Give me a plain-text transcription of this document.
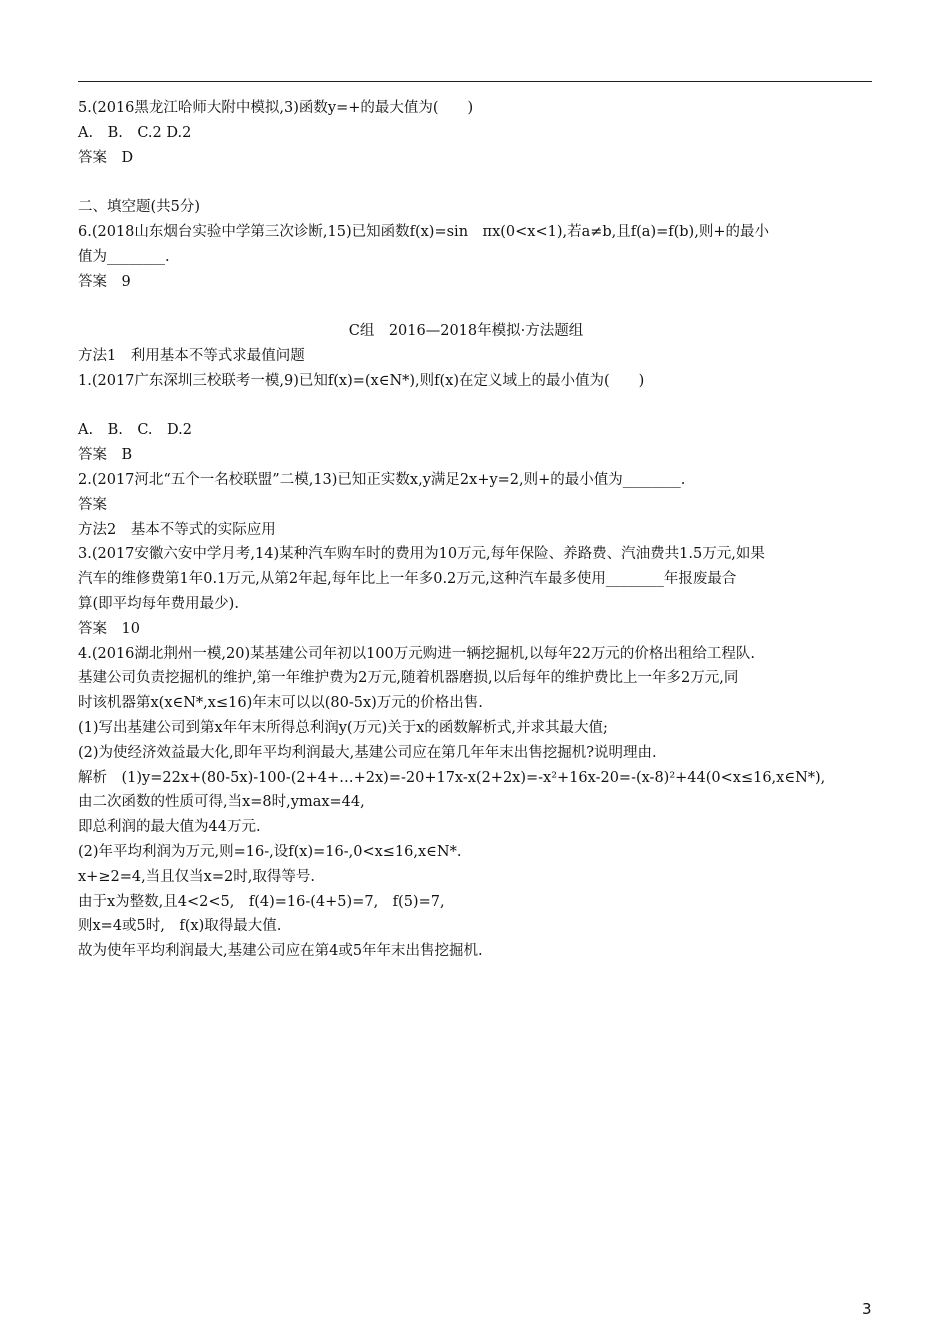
5.(2016黑龙江哈师大附中模拟,3)函数y=+的最大值为(　　)
A.　B.　C.2 D.2
答案　D
二、填空题(共5分)
6.(2018山东烟台实验中学第三次诊断,15)已知函数f(x)=sin　πx(0<x<1),若a≠b,且f(a)=f(b),则+的最小
值为________.
答案　9
C组　2016—2018年模拟·方法题组
方法1　利用基本不等式求最值问题
1.(2017广东深圳三校联考一模,9)已知f(x)=(x∈N*),则f(x)在定义域上的最小值为(　　)
A.　B.　C.　D.2
答案　B
2.(2017河北“五个一名校联盟”二模,13)已知正实数x,y满足2x+y=2,则+的最小值为________.
答案
方法2　基本不等式的实际应用
3.(2017安徽六安中学月考,14)某种汽车购车时的费用为10万元,每年保险、养路费、汽油费共1.5万元,如果
汽车的维修费第1年0.1万元,从第2年起,每年比上一年多0.2万元,这种汽车最多使用________年报废最合
算(即平均每年费用最少).
答案　10
4.(2016湖北荆州一模,20)某基建公司年初以100万元购进一辆挖掘机,以每年22万元的价格出租给工程队.
基建公司负责挖掘机的维护,第一年维护费为2万元,随着机器磨损,以后每年的维护费比上一年多2万元,同
时该机器第x(x∈N*,x≤16)年末可以以(80-5x)万元的价格出售.
(1)写出基建公司到第x年年末所得总利润y(万元)关于x的函数解析式,并求其最大值;
(2)为使经济效益最大化,即年平均利润最大,基建公司应在第几年年末出售挖掘机?说明理由.
解析　(1)y=22x+(80-5x)-100-(2+4+…+2x)=-20+17x-x(2+2x)=-x²+16x-20=-(x-8)²+44(0<x≤16,x∈N*),
由二次函数的性质可得,当x=8时,ymax=44,
即总利润的最大值为44万元.
(2)年平均利润为万元,则=16-,设f(x)=16-,0<x≤16,x∈N*.
x+≥2=4,当且仅当x=2时,取得等号.
由于x为整数,且4<2<5,　f(4)=16-(4+5)=7,　f(5)=7,
则x=4或5时,　f(x)取得最大值.
故为使年平均利润最大,基建公司应在第4或5年年末出售挖掘机.
3
